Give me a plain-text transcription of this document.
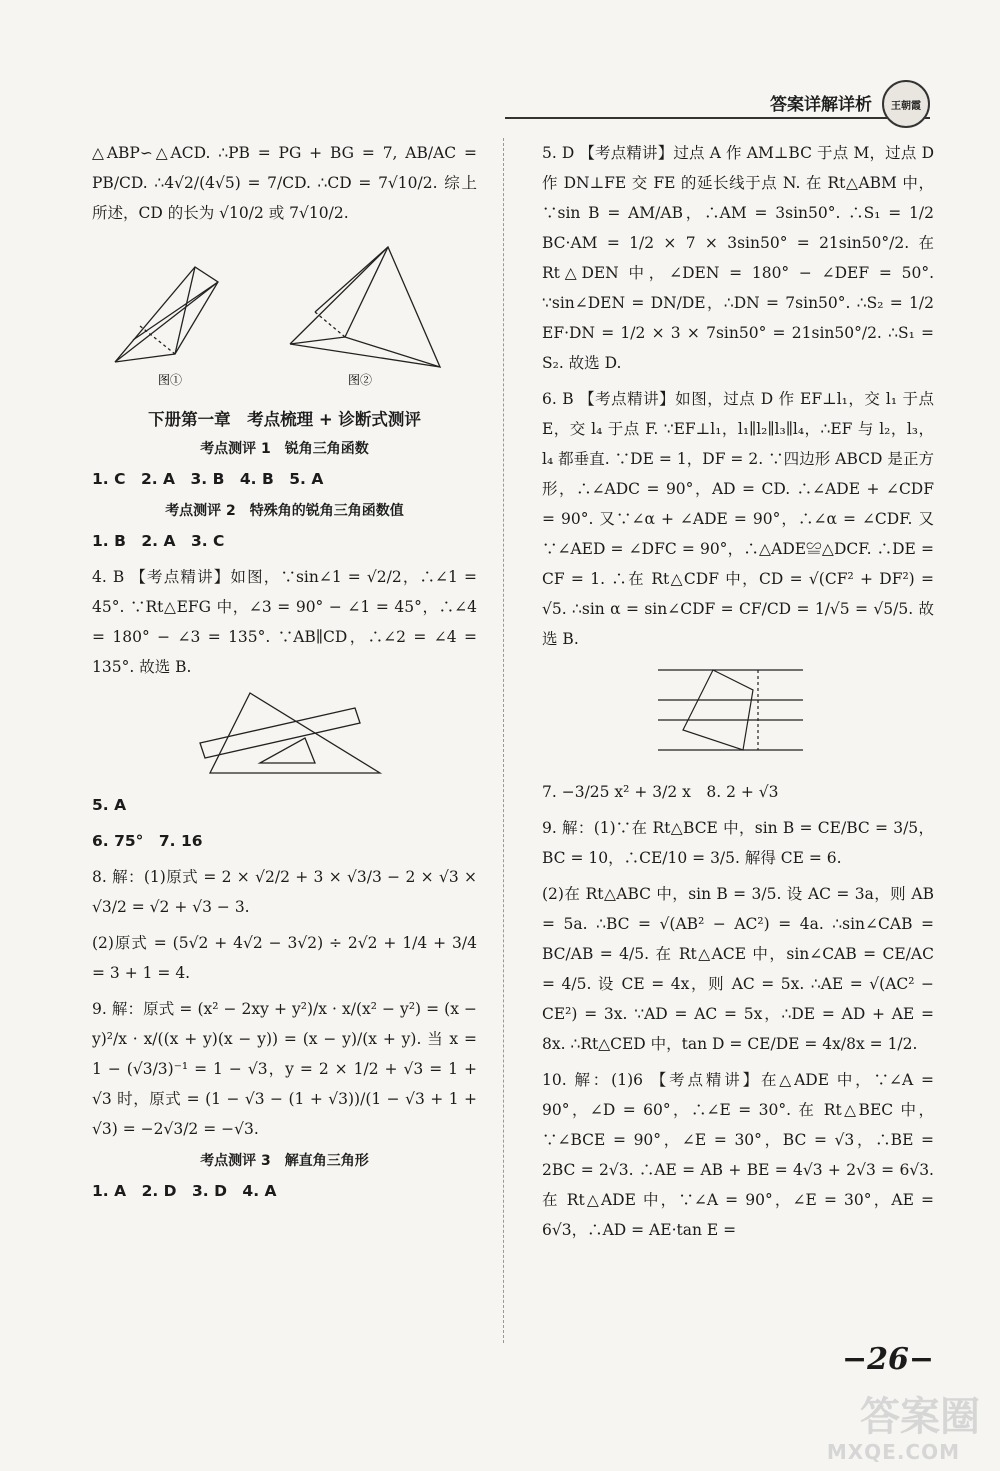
答案详解详析	王朝霞

△ABP∽△ACD. ∴PB = PG + BG = 7, AB/AC = PB/CD. ∴4√2/(4√5) = 7/CD. ∴CD = 7√10/2. 综上所述，CD 的长为 √10/2 或 7√10/2.

图①	图②
下册第一章　考点梳理 + 诊断式测评
考点测评 1　锐角三角函数

1. C　2. A　3. B　4. B　5. A

考点测评 2　特殊角的锐角三角函数值

1. B　2. A　3. C

4. B 【考点精讲】如图，∵sin∠1 = √2/2，∴∠1 = 45°. ∵Rt△EFG 中，∠3 = 90° − ∠1 = 45°，∴∠4 = 180° − ∠3 = 135°. ∵AB∥CD，∴∠2 = ∠4 = 135°. 故选 B.

5. A

6. 75°　7. 16

8. 解：(1)原式 = 2 × √2/2 + 3 × √3/3 − 2 × √3 × √3/2 = √2 + √3 − 3.

(2)原式 = (5√2 + 4√2 − 3√2) ÷ 2√2 + 1/4 + 3/4 = 3 + 1 = 4.

9. 解：原式 = (x² − 2xy + y²)/x · x/(x² − y²) = (x − y)²/x · x/((x + y)(x − y)) = (x − y)/(x + y). 当 x = 1 − (√3/3)⁻¹ = 1 − √3，y = 2 × 1/2 + √3 = 1 + √3 时，原式 = (1 − √3 − (1 + √3))/(1 − √3 + 1 + √3) = −2√3/2 = −√3.

考点测评 3　解直角三角形

1. A　2. D　3. D　4. A

5. D 【考点精讲】过点 A 作 AM⊥BC 于点 M，过点 D 作 DN⊥FE 交 FE 的延长线于点 N. 在 Rt△ABM 中，∵sin B = AM/AB，∴AM = 3sin50°. ∴S₁ = 1/2 BC·AM = 1/2 × 7 × 3sin50° = 21sin50°/2. 在 Rt△DEN 中，∠DEN = 180° − ∠DEF = 50°. ∵sin∠DEN = DN/DE，∴DN = 7sin50°. ∴S₂ = 1/2 EF·DN = 1/2 × 3 × 7sin50° = 21sin50°/2. ∴S₁ = S₂. 故选 D.

6. B 【考点精讲】如图，过点 D 作 EF⊥l₁，交 l₁ 于点 E，交 l₄ 于点 F. ∵EF⊥l₁，l₁∥l₂∥l₃∥l₄，∴EF 与 l₂，l₃，l₄ 都垂直. ∵DE = 1，DF = 2. ∵四边形 ABCD 是正方形，∴∠ADC = 90°，AD = CD. ∴∠ADE + ∠CDF = 90°. 又∵∠α + ∠ADE = 90°，∴∠α = ∠CDF. 又∵∠AED = ∠DFC = 90°，∴△ADE≌△DCF. ∴DE = CF = 1. ∴在 Rt△CDF 中，CD = √(CF² + DF²) = √5. ∴sin α = sin∠CDF = CF/CD = 1/√5 = √5/5. 故选 B.

7. −3/25 x² + 3/2 x　8. 2 + √3

9. 解：(1)∵在 Rt△BCE 中，sin B = CE/BC = 3/5，BC = 10，∴CE/10 = 3/5. 解得 CE = 6.

(2)在 Rt△ABC 中，sin B = 3/5. 设 AC = 3a，则 AB = 5a. ∴BC = √(AB² − AC²) = 4a. ∴sin∠CAB = BC/AB = 4/5. 在 Rt△ACE 中，sin∠CAB = CE/AC = 4/5. 设 CE = 4x，则 AC = 5x. ∴AE = √(AC² − CE²) = 3x. ∵AD = AC = 5x，∴DE = AD + AE = 8x. ∴Rt△CED 中，tan D = CE/DE = 4x/8x = 1/2.

10. 解：(1)6 【考点精讲】在△ADE 中，∵∠A = 90°，∠D = 60°，∴∠E = 30°. 在 Rt△BEC 中，∵∠BCE = 90°，∠E = 30°，BC = √3，∴BE = 2BC = 2√3. ∴AE = AB + BE = 4√3 + 2√3 = 6√3. 在 Rt△ADE 中，∵∠A = 90°，∠E = 30°，AE = 6√3，∴AD = AE·tan E =

−26−
答案圈
MXQE.COM
